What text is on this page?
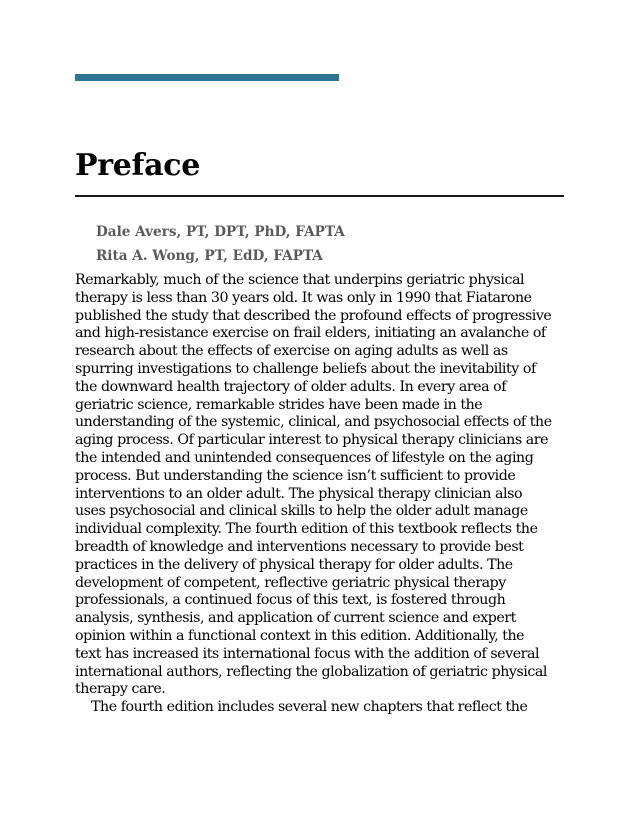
Preface
Dale Avers, PT, DPT, PhD, FAPTA
Rita A. Wong, PT, EdD, FAPTA

Remarkably, much of the science that underpins geriatric physical
therapy is less than 30 years old. It was only in 1990 that Fiatarone
published the study that described the profound effects of progressive
and high-resistance exercise on frail elders, initiating an avalanche of
research about the effects of exercise on aging adults as well as
spurring investigations to challenge beliefs about the inevitability of
the downward health trajectory of older adults. In every area of
geriatric science, remarkable strides have been made in the
understanding of the systemic, clinical, and psychosocial effects of the
aging process. Of particular interest to physical therapy clinicians are
the intended and unintended consequences of lifestyle on the aging
process. But understanding the science isn’t sufficient to provide
interventions to an older adult. The physical therapy clinician also
uses psychosocial and clinical skills to help the older adult manage
individual complexity. The fourth edition of this textbook reflects the
breadth of knowledge and interventions necessary to provide best
practices in the delivery of physical therapy for older adults. The
development of competent, reflective geriatric physical therapy
professionals, a continued focus of this text, is fostered through
analysis, synthesis, and application of current science and expert
opinion within a functional context in this edition. Additionally, the
text has increased its international focus with the addition of several
international authors, reflecting the globalization of geriatric physical
therapy care.

The fourth edition includes several new chapters that reflect the
